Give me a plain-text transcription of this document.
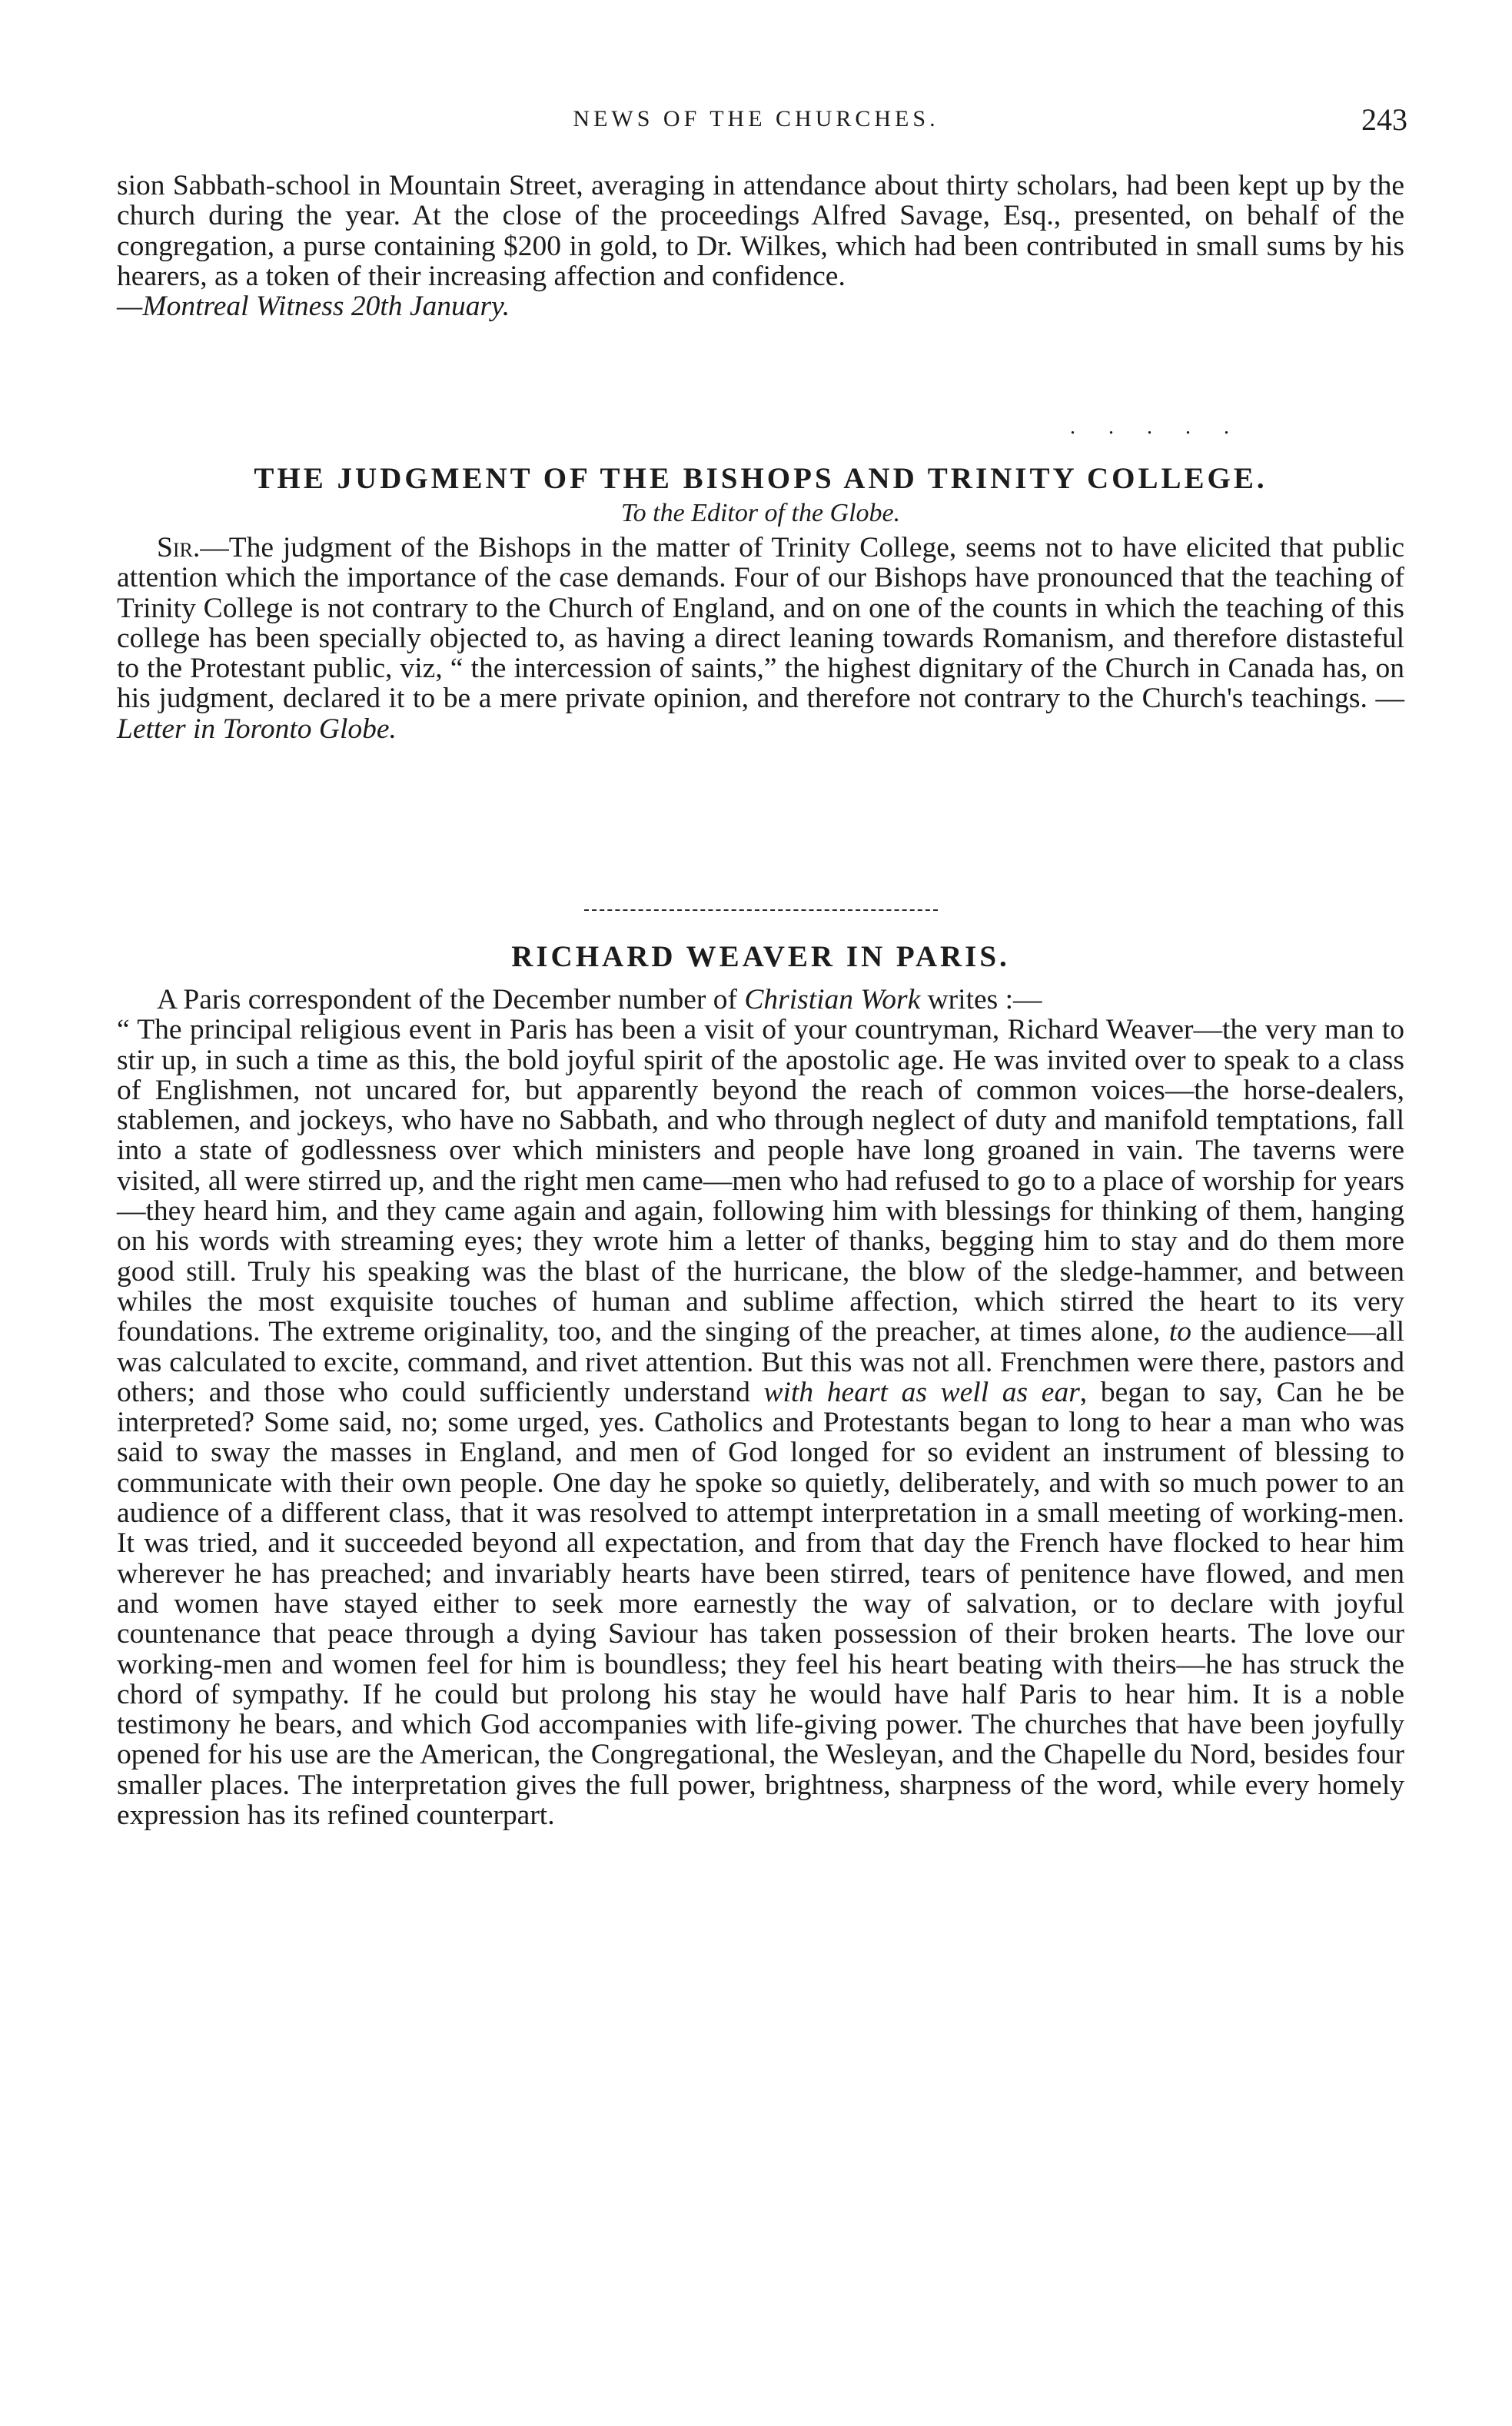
NEWS OF THE CHURCHES.	243

sion Sabbath-school in Mountain Street, averaging in attendance about thirty scholars, had been kept up by the church during the year. At the close of the proceedings Alfred Savage, Esq., presented, on behalf of the congregation, a purse containing $200 in gold, to Dr. Wilkes, which had been contributed in small sums by his hearers, as a token of their increasing affection and confidence.
—Montreal Witness 20th January.

. . . . .

THE JUDGMENT OF THE BISHOPS AND TRINITY COLLEGE.

To the Editor of the Globe.

Sir.—The judgment of the Bishops in the matter of Trinity College, seems not to have elicited that public attention which the importance of the case demands. Four of our Bishops have pronounced that the teaching of Trinity College is not contrary to the Church of England, and on one of the counts in which the teaching of this college has been specially objected to, as having a direct leaning towards Romanism, and therefore distasteful to the Protestant public, viz, “ the intercession of saints,” the highest dignitary of the Church in Canada has, on his judgment, declared it to be a mere private opinion, and therefore not contrary to the Church's teachings. — Letter in Toronto Globe.

RICHARD WEAVER IN PARIS.

A Paris correspondent of the December number of Christian Work writes :—

“ The principal religious event in Paris has been a visit of your countryman, Richard Weaver—the very man to stir up, in such a time as this, the bold joyful spirit of the apostolic age. He was invited over to speak to a class of Englishmen, not uncared for, but apparently beyond the reach of common voices—the horse-dealers, stablemen, and jockeys, who have no Sabbath, and who through neglect of duty and manifold temptations, fall into a state of godlessness over which ministers and people have long groaned in vain. The taverns were visited, all were stirred up, and the right men came—men who had refused to go to a place of worship for years—they heard him, and they came again and again, following him with blessings for thinking of them, hanging on his words with streaming eyes; they wrote him a letter of thanks, begging him to stay and do them more good still. Truly his speaking was the blast of the hurricane, the blow of the sledge-hammer, and between whiles the most exquisite touches of human and sublime affection, which stirred the heart to its very foundations. The extreme originality, too, and the singing of the preacher, at times alone, to the audience—all was calculated to excite, command, and rivet attention. But this was not all. Frenchmen were there, pastors and others; and those who could sufficiently understand with heart as well as ear, began to say, Can he be interpreted? Some said, no; some urged, yes. Catholics and Protestants began to long to hear a man who was said to sway the masses in England, and men of God longed for so evident an instrument of blessing to communicate with their own people. One day he spoke so quietly, deliberately, and with so much power to an audience of a different class, that it was resolved to attempt interpretation in a small meeting of working-men. It was tried, and it succeeded beyond all expectation, and from that day the French have flocked to hear him wherever he has preached; and invariably hearts have been stirred, tears of penitence have flowed, and men and women have stayed either to seek more earnestly the way of salvation, or to declare with joyful countenance that peace through a dying Saviour has taken possession of their broken hearts. The love our working-men and women feel for him is boundless; they feel his heart beating with theirs—he has struck the chord of sympathy. If he could but prolong his stay he would have half Paris to hear him. It is a noble testimony he bears, and which God accompanies with life-giving power. The churches that have been joyfully opened for his use are the American, the Congregational, the Wesleyan, and the Chapelle du Nord, besides four smaller places. The interpretation gives the full power, brightness, sharpness of the word, while every homely expression has its refined counterpart.
